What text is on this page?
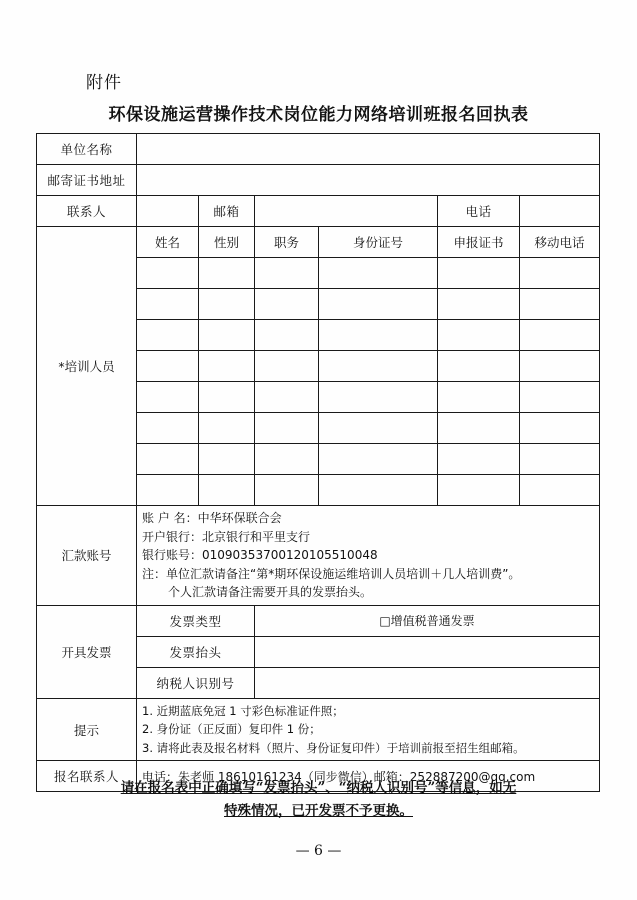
附件
环保设施运营操作技术岗位能力网络培训班报名回执表
单位名称						
邮寄证书地址						
联系人		邮箱			电话	
*培训人员	姓名	性别	职务	身份证号	申报证书	移动电话

汇款账号	账 户 名：中华环保联合会
开户银行：北京银行和平里支行
银行账号：01090353700120105510048
注：单位汇款请备注“第*期环保设施运维培训人员培训＋几人培训费”。
个人汇款请备注需要开具的发票抬头。					

开具发票	发票类型		□增值税普通发票			
	发票抬头					
	纳税人识别号					
提示	1. 近期蓝底免冠 1 寸彩色标准证件照；
2. 身份证（正反面）复印件 1 份；
3. 请将此表及报名材料（照片、身份证复印件）于培训前报至招生组邮箱。					

报名联系人	电话：朱老师 18610161234（同步微信）邮箱：252887200@qq.com					
请在报名表中正确填写“发票抬头”、“纳税人识别号”等信息，如无
特殊情况，已开发票不予更换。
— 6 —
